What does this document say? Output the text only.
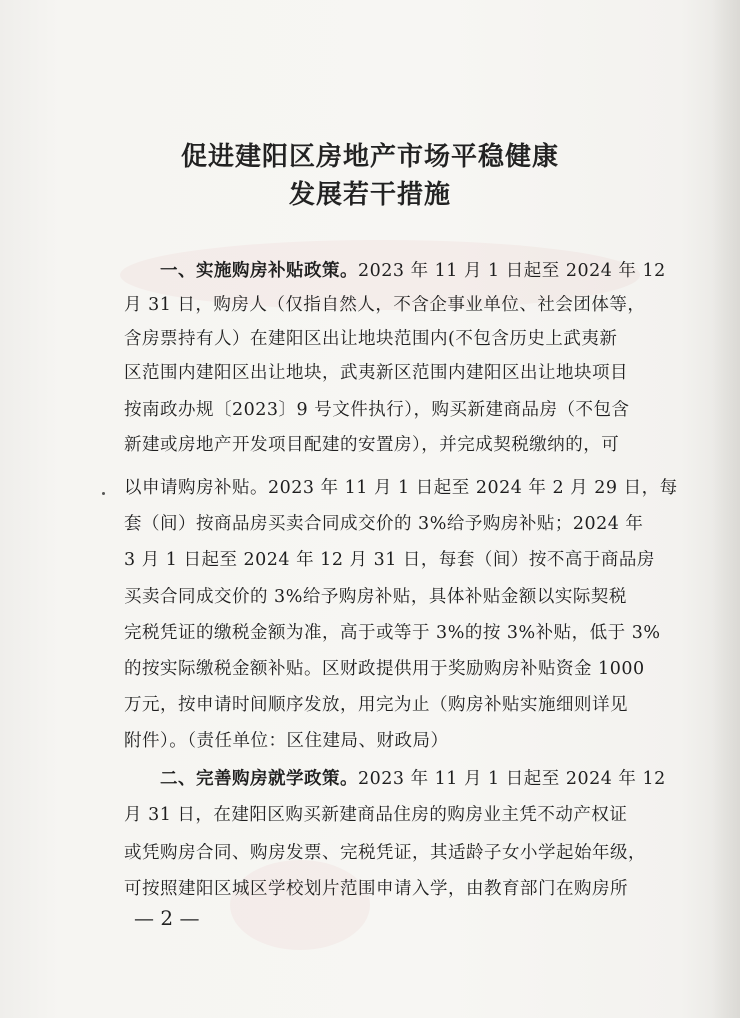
促进建阳区房地产市场平稳健康
发展若干措施
一、实施购房补贴政策。 2023 年 11 月 1 日起至 2024 年 12
月 31 日，购房人（仅指自然人，不含企事业单位、社会团体等，
含房票持有人）在建阳区出让地块范围内(不包含历史上武夷新
区范围内建阳区出让地块，武夷新区范围内建阳区出让地块项目
按南政办规〔2023〕9 号文件执行），购买新建商品房（不包含
新建或房地产开发项目配建的安置房），并完成契税缴纳的，可
以申请购房补贴。2023 年 11 月 1 日起至 2024 年 2 月 29 日，每
套（间）按商品房买卖合同成交价的 3%给予购房补贴；2024 年
3 月 1 日起至 2024 年 12 月 31 日，每套（间）按不高于商品房
买卖合同成交价的 3%给予购房补贴，具体补贴金额以实际契税
完税凭证的缴税金额为准，高于或等于 3%的按 3%补贴，低于 3%
的按实际缴税金额补贴。区财政提供用于奖励购房补贴资金 1000
万元，按申请时间顺序发放，用完为止（购房补贴实施细则详见
附件）。（责任单位：区住建局、财政局）
二、完善购房就学政策。 2023 年 11 月 1 日起至 2024 年 12
月 31 日，在建阳区购买新建商品住房的购房业主凭不动产权证
或凭购房合同、购房发票、完税凭证，其适龄子女小学起始年级，
可按照建阳区城区学校划片范围申请入学，由教育部门在购房所
— 2 —
